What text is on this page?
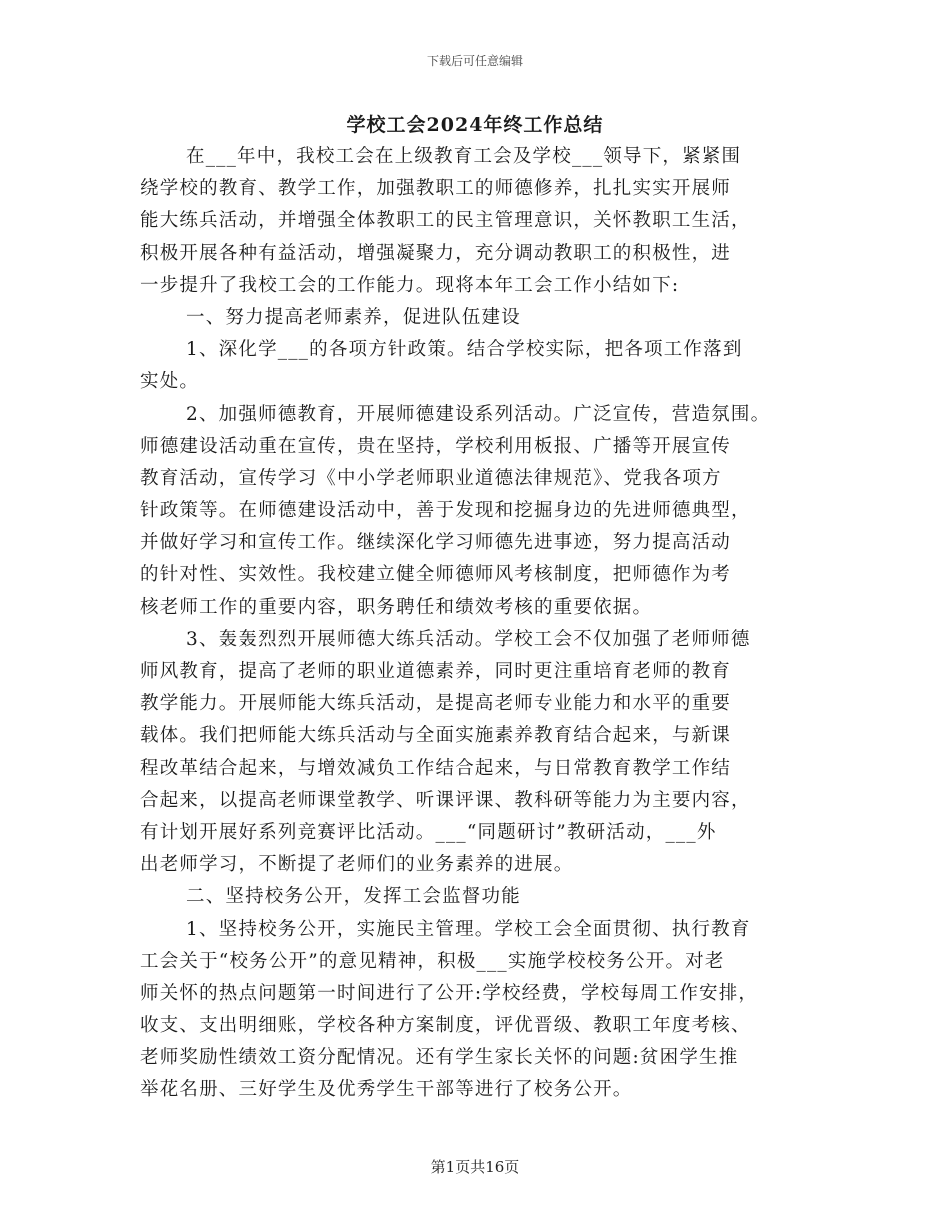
下载后可任意编辑
学校工会2024年终工作总结
在___年中，我校工会在上级教育工会及学校___领导下，紧紧围
绕学校的教育、教学工作，加强教职工的师德修养，扎扎实实开展师
能大练兵活动，并增强全体教职工的民主管理意识，关怀教职工生活，
积极开展各种有益活动，增强凝聚力，充分调动教职工的积极性，进
一步提升了我校工会的工作能力。现将本年工会工作小结如下:
一、努力提高老师素养，促进队伍建设
1、深化学___的各项方针政策。结合学校实际，把各项工作落到
实处。
2、加强师德教育，开展师德建设系列活动。广泛宣传，营造氛围。
师德建设活动重在宣传，贵在坚持，学校利用板报、广播等开展宣传
教育活动，宣传学习《中小学老师职业道德法律规范》、党我各项方
针政策等。在师德建设活动中，善于发现和挖掘身边的先进师德典型，
并做好学习和宣传工作。继续深化学习师德先进事迹，努力提高活动
的针对性、实效性。我校建立健全师德师风考核制度，把师德作为考
核老师工作的重要内容，职务聘任和绩效考核的重要依据。
3、轰轰烈烈开展师德大练兵活动。学校工会不仅加强了老师师德
师风教育，提高了老师的职业道德素养，同时更注重培育老师的教育
教学能力。开展师能大练兵活动，是提高老师专业能力和水平的重要
载体。我们把师能大练兵活动与全面实施素养教育结合起来，与新课
程改革结合起来，与增效减负工作结合起来，与日常教育教学工作结
合起来，以提高老师课堂教学、听课评课、教科研等能力为主要内容，
有计划开展好系列竞赛评比活动。___“同题研讨”教研活动，___外
出老师学习，不断提了老师们的业务素养的进展。
二、坚持校务公开，发挥工会监督功能
1、坚持校务公开，实施民主管理。学校工会全面贯彻、执行教育
工会关于“校务公开”的意见精神，积极___实施学校校务公开。对老
师关怀的热点问题第一时间进行了公开:学校经费，学校每周工作安排，
收支、支出明细账，学校各种方案制度，评优晋级、教职工年度考核、
老师奖励性绩效工资分配情况。还有学生家长关怀的问题:贫困学生推
举花名册、三好学生及优秀学生干部等进行了校务公开。
第1页共16页
